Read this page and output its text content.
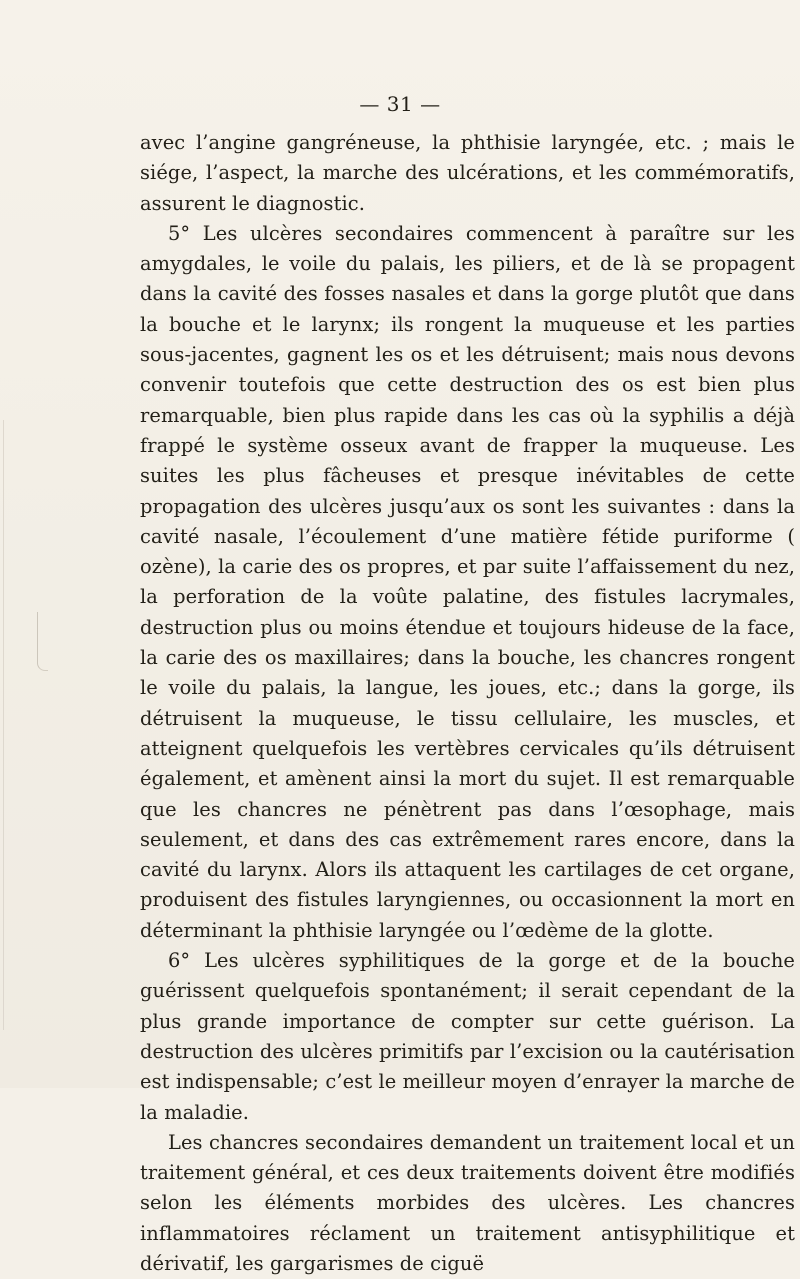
— 31 —

avec l’angine gangréneuse, la phthisie laryngée, etc. ; mais le siége, l’aspect, la marche des ulcérations, et les commémoratifs, assurent le diagnostic.

5° Les ulcères secondaires commencent à paraître sur les amygdales, le voile du palais, les piliers, et de là se propagent dans la cavité des fosses nasales et dans la gorge plutôt que dans la bouche et le larynx; ils rongent la muqueuse et les parties sous-jacentes, gagnent les os et les détruisent; mais nous devons convenir toutefois que cette destruction des os est bien plus remarquable, bien plus rapide dans les cas où la syphilis a déjà frappé le système osseux avant de frapper la muqueuse. Les suites les plus fâcheuses et presque inévitables de cette propagation des ulcères jusqu’aux os sont les suivantes : dans la cavité nasale, l’écoulement d’une matière fétide puriforme ( ozène), la carie des os propres, et par suite l’affaissement du nez, la perforation de la voûte palatine, des fistules lacrymales, destruction plus ou moins étendue et toujours hideuse de la face, la carie des os maxillaires; dans la bouche, les chancres rongent le voile du palais, la langue, les joues, etc.; dans la gorge, ils détruisent la muqueuse, le tissu cellulaire, les muscles, et atteignent quelquefois les vertèbres cervicales qu’ils détruisent également, et amènent ainsi la mort du sujet. Il est remarquable que les chancres ne pénètrent pas dans l’œsophage, mais seulement, et dans des cas extrêmement rares encore, dans la cavité du larynx. Alors ils attaquent les cartilages de cet organe, produisent des fistules laryngiennes, ou occasionnent la mort en déterminant la phthisie laryngée ou l’œdème de la glotte.

6° Les ulcères syphilitiques de la gorge et de la bouche guérissent quelquefois spontanément; il serait cependant de la plus grande importance de compter sur cette guérison. La destruction des ulcères primitifs par l’excision ou la cautérisation est indispensable; c’est le meilleur moyen d’enrayer la marche de la maladie.

Les chancres secondaires demandent un traitement local et un traitement général, et ces deux traitements doivent être modifiés selon les éléments morbides des ulcères. Les chancres inflammatoires réclament un traitement antisyphilitique et dérivatif, les gargarismes de ciguë
